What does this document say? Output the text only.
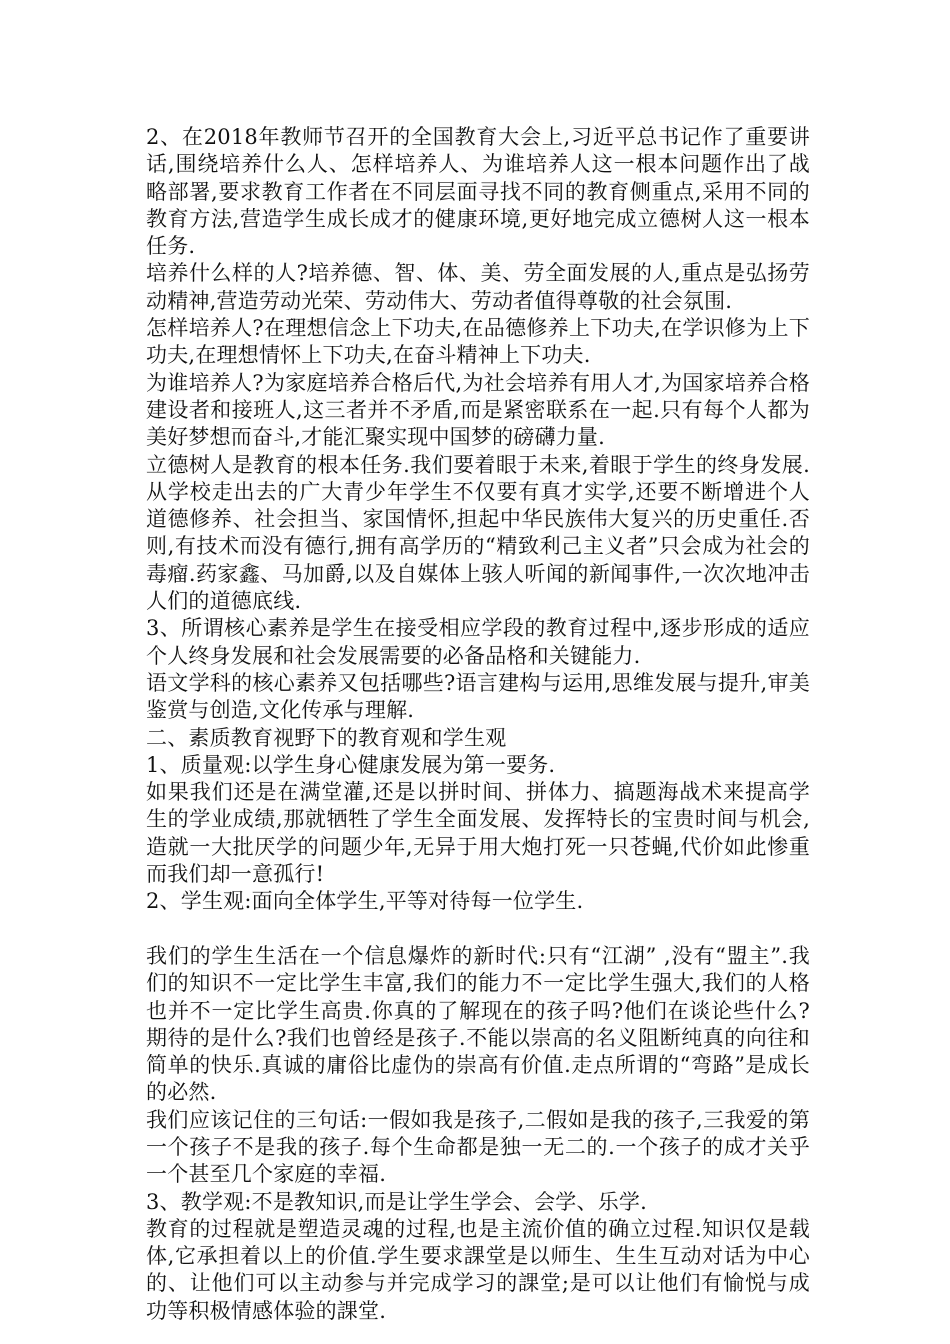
2、在2018年教师节召开的全国教育大会上,习近平总书记作了重要讲话,围绕培养什么人、怎样培养人、为谁培养人这一根本问题作出了战略部署,要求教育工作者在不同层面寻找不同的教育侧重点,采用不同的教育方法,营造学生成长成才的健康环境,更好地完成立德树人这一根本任务.

培养什么样的人?培养德、智、体、美、劳全面发展的人,重点是弘扬劳动精神,营造劳动光荣、劳动伟大、劳动者值得尊敬的社会氛围.

怎样培养人?在理想信念上下功夫,在品德修养上下功夫,在学识修为上下功夫,在理想情怀上下功夫,在奋斗精神上下功夫.

为谁培养人?为家庭培养合格后代,为社会培养有用人才,为国家培养合格建设者和接班人,这三者并不矛盾,而是紧密联系在一起.只有每个人都为美好梦想而奋斗,才能汇聚实现中国梦的磅礴力量.

立德树人是教育的根本任务.我们要着眼于未来,着眼于学生的终身发展.从学校走出去的广大青少年学生不仅要有真才实学,还要不断增进个人道德修养、社会担当、家国情怀,担起中华民族伟大复兴的历史重任.否则,有技术而没有德行,拥有高学历的“精致利己主义者”只会成为社会的毒瘤.药家鑫、马加爵,以及自媒体上骇人听闻的新闻事件,一次次地冲击人们的道德底线.

3、所谓核心素养是学生在接受相应学段的教育过程中,逐步形成的适应个人终身发展和社会发展需要的必备品格和关键能力.

语文学科的核心素养又包括哪些?语言建构与运用,思维发展与提升,审美鉴赏与创造,文化传承与理解.

二、素质教育视野下的教育观和学生观

1、质量观:以学生身心健康发展为第一要务.

如果我们还是在满堂灌,还是以拼时间、拼体力、搞题海战术来提高学生的学业成绩,那就牺牲了学生全面发展、发挥特长的宝贵时间与机会,造就一大批厌学的问题少年,无异于用大炮打死一只苍蝇,代价如此惨重而我们却一意孤行!

2、学生观:面向全体学生,平等对待每一位学生.

我们的学生生活在一个信息爆炸的新时代:只有“江湖” ,没有“盟主”.我们的知识不一定比学生丰富,我们的能力不一定比学生强大,我们的人格也并不一定比学生高贵.你真的了解现在的孩子吗?他们在谈论些什么?期待的是什么?我们也曾经是孩子.不能以崇高的名义阻断纯真的向往和简单的快乐.真诚的庸俗比虚伪的崇高有价值.走点所谓的“弯路”是成长的必然.

我们应该记住的三句话:一假如我是孩子,二假如是我的孩子,三我爱的第一个孩子不是我的孩子.每个生命都是独一无二的.一个孩子的成才关乎一个甚至几个家庭的幸福.

3、教学观:不是教知识,而是让学生学会、会学、乐学.

教育的过程就是塑造灵魂的过程,也是主流价值的确立过程.知识仅是载体,它承担着以上的价值.学生要求課堂是以师生、生生互动对话为中心的、让他们可以主动参与并完成学习的課堂;是可以让他们有愉悦与成功等积极情感体验的課堂.
